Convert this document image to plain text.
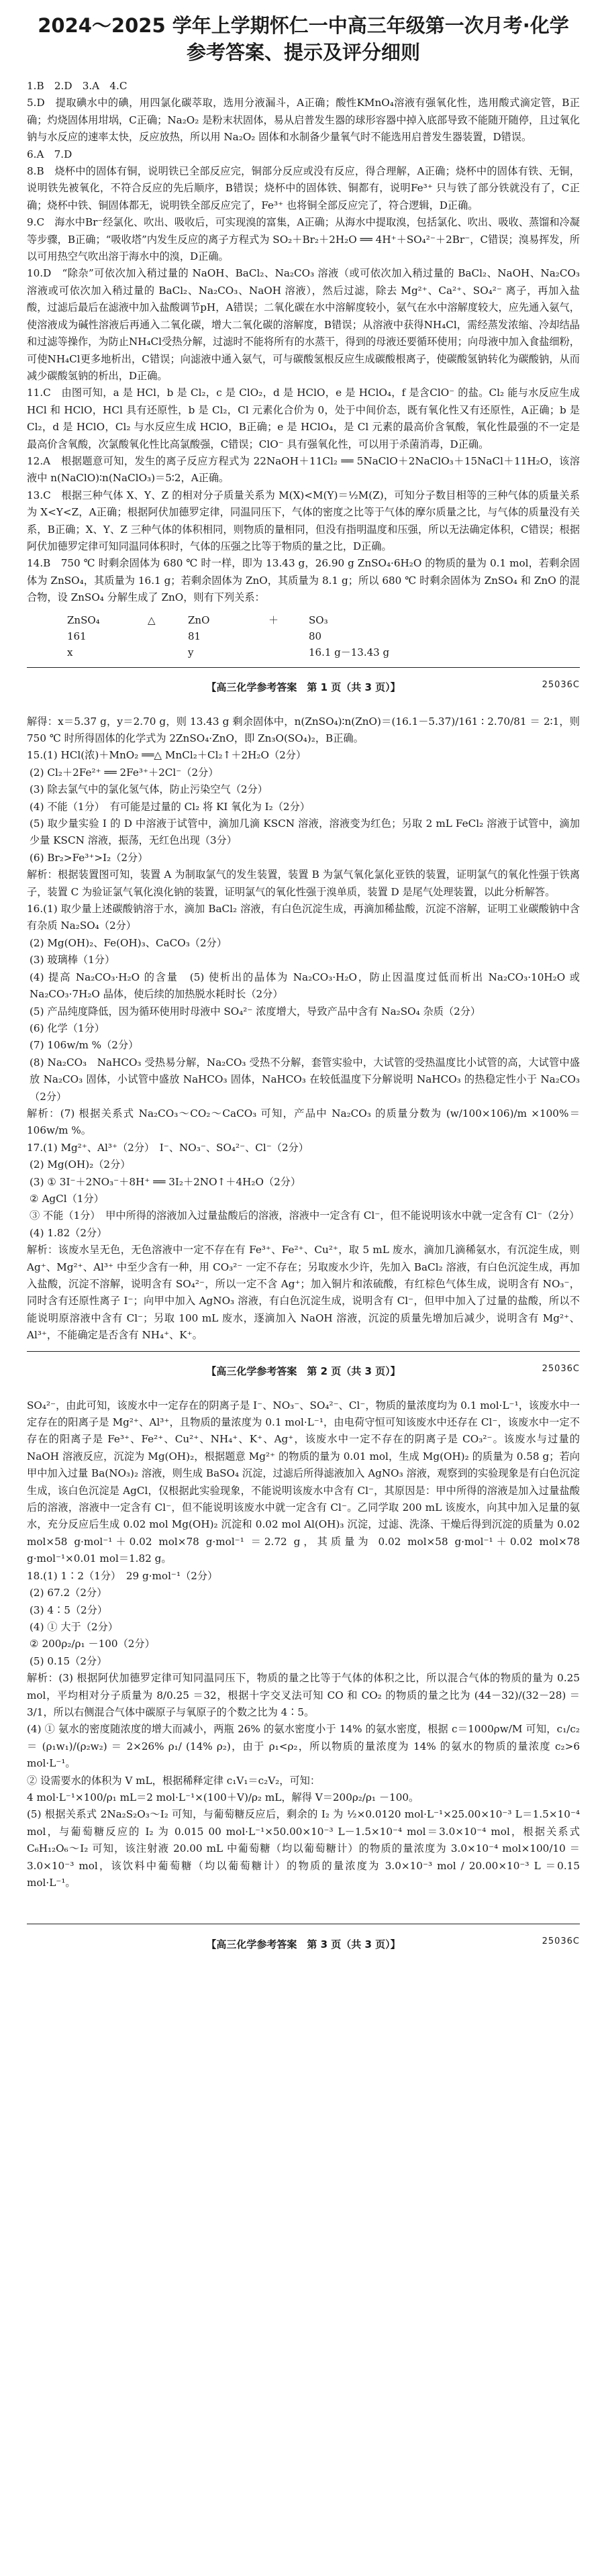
2024～2025 学年上学期怀仁一中高三年级第一次月考·化学
参考答案、提示及评分细则

1.B　2.D　3.A　4.C

5.D　提取碘水中的碘，用四氯化碳萃取，选用分液漏斗，A正确；酸性KMnO₄溶液有强氧化性，选用酸式滴定管，B正确；灼烧固体用坩埚，C正确；Na₂O₂ 是粉末状固体，易从启普发生器的球形容器中掉入底部导致不能随开随停，且过氧化钠与水反应的速率太快，反应放热，所以用 Na₂O₂ 固体和水制备少量氧气时不能选用启普发生器装置，D错误。

6.A　7.D

8.B　烧杯中的固体有铜，说明铁已全部反应完，铜部分反应或没有反应，得合理解，A正确；烧杯中的固体有铁、无铜，说明铁先被氧化，不符合反应的先后顺序，B错误；烧杯中的固体铁、铜都有，说明Fe³⁺ 只与铁了部分铁就没有了，C正确；烧杯中铁、铜固体都无，说明铁全部反应完了，Fe³⁺ 也将铜全部反应完了，符合逻辑，D正确。

9.C　海水中Br⁻经氯化、吹出、吸收后，可实现溴的富集，A正确；从海水中提取溴，包括氯化、吹出、吸收、蒸馏和冷凝等步骤，B正确；“吸收塔”内发生反应的离子方程式为 SO₂＋Br₂＋2H₂O ══ 4H⁺＋SO₄²⁻＋2Br⁻，C错误；溴易挥发，所以可用热空气吹出溶于海水中的溴，D正确。

10.D　“除杂”可依次加入稍过量的 NaOH、BaCl₂、Na₂CO₃ 溶液（或可依次加入稍过量的 BaCl₂、NaOH、Na₂CO₃ 溶液或可依次加入稍过量的 BaCl₂、Na₂CO₃、NaOH 溶液），然后过滤，除去 Mg²⁺、Ca²⁺、SO₄²⁻ 离子，再加入盐酸，过滤后最后在滤液中加入盐酸调节pH，A错误；二氧化碳在水中溶解度较小，氨气在水中溶解度较大，应先通入氨气，使溶液成为碱性溶液后再通入二氧化碳，增大二氧化碳的溶解度，B错误；从溶液中获得NH₄Cl，需经蒸发浓缩、冷却结晶和过滤等操作，为防止NH₄Cl受热分解，过滤时不能将所有的水蒸干，得到的母液还要循环使用；向母液中加入食盐细粉，可使NH₄Cl更多地析出，C错误；向滤液中通入氨气，可与碳酸氢根反应生成碳酸根离子，使碳酸氢钠转化为碳酸钠，从而减少碳酸氢钠的析出，D正确。

11.C　由图可知，a 是 HCl，b 是 Cl₂，c 是 ClO₂，d 是 HClO，e 是 HClO₄，f 是含ClO⁻ 的盐。Cl₂ 能与水反应生成 HCl 和 HClO，HCl 具有还原性，b 是 Cl₂，Cl 元素化合价为 0，处于中间价态，既有氧化性又有还原性，A正确；b 是 Cl₂，d 是 HClO，Cl₂ 与水反应生成 HClO，B正确；e 是 HClO₄，是 Cl 元素的最高价含氧酸，氧化性最强的不一定是最高价含氧酸，次氯酸氧化性比高氯酸强，C错误；ClO⁻ 具有强氧化性，可以用于杀菌消毒，D正确。

12.A　根据题意可知，发生的离子反应方程式为 22NaOH＋11Cl₂ ══ 5NaClO＋2NaClO₃＋15NaCl＋11H₂O，该溶液中 n(NaClO)∶n(NaClO₃)＝5∶2，A正确。

13.C　根据三种气体 X、Y、Z 的相对分子质量关系为 M(X)<M(Y)＝½M(Z)，可知分子数目相等的三种气体的质量关系为 X<Y<Z，A正确；根据阿伏加德罗定律，同温同压下，气体的密度之比等于气体的摩尔质量之比，与气体的质量没有关系，B正确；X、Y、Z 三种气体的体积相同，则物质的量相同，但没有指明温度和压强，所以无法确定体积，C错误；根据阿伏加德罗定律可知同温同体积时，气体的压强之比等于物质的量之比，D正确。

14.B　750 ℃ 时剩余固体为 680 ℃ 时一样，即为 13.43 g，26.90 g ZnSO₄·6H₂O 的物质的量为 0.1 mol，若剩余固体为 ZnSO₄，其质量为 16.1 g；若剩余固体为 ZnO，其质量为 8.1 g；所以 680 ℃ 时剩余固体为 ZnSO₄ 和 ZnO 的混合物，设 ZnSO₄ 分解生成了 ZnO，则有下列关系：

ZnSO₄	△	ZnO	＋	SO₃
161	81	80
x	y	16.1 g－13.43 g
【高三化学参考答案　第 1 页（共 3 页）】	25036C

解得：x＝5.37 g，y＝2.70 g，则 13.43 g 剩余固体中，n(ZnSO₄)∶n(ZnO)＝(16.1－5.37)/161 ∶ 2.70/81 ＝ 2∶1，则750 ℃ 时所得固体的化学式为 2ZnSO₄·ZnO，即 Zn₃O(SO₄)₂，B正确。

15.(1) HCl(浓)＋MnO₂ ══△ MnCl₂＋Cl₂↑＋2H₂O（2分）

(2) Cl₂＋2Fe²⁺ ══ 2Fe³⁺＋2Cl⁻（2分）

(3) 除去氯气中的氯化氢气体，防止污染空气（2分）

(4) 不能（1分）　有可能是过量的 Cl₂ 将 KI 氧化为 I₂（2分）

(5) 取少量实验 Ⅰ 的 D 中溶液于试管中，滴加几滴 KSCN 溶液，溶液变为红色；另取 2 mL FeCl₂ 溶液于试管中，滴加少量 KSCN 溶液，振荡，无红色出现（3分）

(6) Br₂>Fe³⁺>I₂（2分）

解析：根据装置图可知，装置 A 为制取氯气的发生装置，装置 B 为氯气氧化氯化亚铁的装置，证明氯气的氧化性强于铁离子，装置 C 为验证氯气氧化溴化钠的装置，证明氯气的氧化性强于溴单质，装置 D 是尾气处理装置，以此分析解答。

16.(1) 取少量上述碳酸钠溶于水，滴加 BaCl₂ 溶液，有白色沉淀生成，再滴加稀盐酸，沉淀不溶解，证明工业碳酸钠中含有杂质 Na₂SO₄（2分）

(2) Mg(OH)₂、Fe(OH)₃、CaCO₃（2分）

(3) 玻璃棒（1分）

(4) 提高 Na₂CO₃·H₂O 的含量　(5) 使析出的晶体为 Na₂CO₃·H₂O，防止因温度过低而析出 Na₂CO₃·10H₂O 或 Na₂CO₃·7H₂O 晶体，使后续的加热脱水耗时长（2分）

(5) 产品纯度降低，因为循环使用时母液中 SO₄²⁻ 浓度增大，导致产品中含有 Na₂SO₄ 杂质（2分）

(6) 化学（1分）

(7) 106w/m %（2分）

(8) Na₂CO₃　NaHCO₃ 受热易分解，Na₂CO₃ 受热不分解，套管实验中，大试管的受热温度比小试管的高，大试管中盛放 Na₂CO₃ 固体，小试管中盛放 NaHCO₃ 固体，NaHCO₃ 在较低温度下分解说明 NaHCO₃ 的热稳定性小于 Na₂CO₃（2分）

解析：(7) 根据关系式 Na₂CO₃～CO₂～CaCO₃ 可知，产品中 Na₂CO₃ 的质量分数为 (w/100×106)/m ×100%＝106w/m %。

17.(1) Mg²⁺、Al³⁺（2分）　I⁻、NO₃⁻、SO₄²⁻、Cl⁻（2分）

(2) Mg(OH)₂（2分）

(3) ① 3I⁻＋2NO₃⁻＋8H⁺ ══ 3I₂＋2NO↑＋4H₂O（2分）

② AgCl（1分）

③ 不能（1分）　甲中所得的溶液加入过量盐酸后的溶液，溶液中一定含有 Cl⁻，但不能说明该水中就一定含有 Cl⁻（2分）

(4) 1.82（2分）

解析：该废水呈无色，无色溶液中一定不存在有 Fe³⁺、Fe²⁺、Cu²⁺，取 5 mL 废水，滴加几滴稀氨水，有沉淀生成，则 Ag⁺、Mg²⁺、Al³⁺ 中至少含有一种，用 CO₃²⁻ 一定不存在；另取废水少许，先加入 BaCl₂ 溶液，有白色沉淀生成，再加入盐酸，沉淀不溶解，说明含有 SO₄²⁻，所以一定不含 Ag⁺；加入铜片和浓硫酸，有红棕色气体生成，说明含有 NO₃⁻，同时含有还原性离子 I⁻；向甲中加入 AgNO₃ 溶液，有白色沉淀生成，说明含有 Cl⁻，但甲中加入了过量的盐酸，所以不能说明原溶液中含有 Cl⁻；另取 100 mL 废水，逐滴加入 NaOH 溶液，沉淀的质量先增加后减少，说明含有 Mg²⁺、Al³⁺，不能确定是否含有 NH₄⁺、K⁺。

【高三化学参考答案　第 2 页（共 3 页）】	25036C

SO₄²⁻，由此可知，该废水中一定存在的阴离子是 I⁻、NO₃⁻、SO₄²⁻、Cl⁻，物质的量浓度均为 0.1 mol·L⁻¹，该废水中一定存在的阳离子是 Mg²⁺、Al³⁺，且物质的量浓度为 0.1 mol·L⁻¹，由电荷守恒可知该废水中还存在 Cl⁻，该废水中一定不存在的阳离子是 Fe³⁺、Fe²⁺、Cu²⁺、NH₄⁺、K⁺、Ag⁺，该废水中一定不存在的阴离子是 CO₃²⁻。该废水与过量的 NaOH 溶液反应，沉淀为 Mg(OH)₂，根据题意 Mg²⁺ 的物质的量为 0.01 mol，生成 Mg(OH)₂ 的质量为 0.58 g；若向甲中加入过量 Ba(NO₃)₂ 溶液，则生成 BaSO₄ 沉淀，过滤后所得滤液加入 AgNO₃ 溶液，观察到的实验现象是有白色沉淀生成，该白色沉淀是 AgCl，仅根据此实验现象，不能说明该废水中含有 Cl⁻，其原因是：甲中所得的溶液是加入过量盐酸后的溶液，溶液中一定含有 Cl⁻，但不能说明该废水中就一定含有 Cl⁻。乙同学取 200 mL 该废水，向其中加入足量的氨水，充分反应后生成 0.02 mol Mg(OH)₂ 沉淀和 0.02 mol Al(OH)₃ 沉淀，过滤、洗涤、干燥后得到沉淀的质量为 0.02 mol×58 g·mol⁻¹＋0.02 mol×78 g·mol⁻¹ ＝2.72 g，其质量为 0.02 mol×58 g·mol⁻¹＋0.02 mol×78 g·mol⁻¹×0.01 mol＝1.82 g。

18.(1) 1∶2（1分）　29 g·mol⁻¹（2分）

(2) 67.2（2分）

(3) 4∶5（2分）

(4) ① 大于（2分）

② 200ρ₂/ρ₁ －100（2分）

(5) 0.15（2分）

解析：(3) 根据阿伏加德罗定律可知同温同压下，物质的量之比等于气体的体积之比，所以混合气体的物质的量为 0.25 mol，平均相对分子质量为 8/0.25 ＝32，根据十字交叉法可知 CO 和 CO₂ 的物质的量之比为 (44－32)/(32－28) ＝ 3/1，所以右侧混合气体中碳原子与氧原子的个数之比为 4∶5。

(4) ① 氨水的密度随浓度的增大而减小，两瓶 26% 的氨水密度小于 14% 的氨水密度，根据 c＝1000ρw/M 可知，c₁/c₂ ＝ (ρ₁w₁)/(ρ₂w₂) ＝ 2×26% ρ₁/ (14% ρ₂)，由于 ρ₁<ρ₂，所以物质的量浓度为 14% 的氨水的物质的量浓度 c₂>6 mol·L⁻¹。

② 设需要水的体积为 V mL，根据稀释定律 c₁V₁＝c₂V₂，可知：

4 mol·L⁻¹×100/ρ₁ mL＝2 mol·L⁻¹×(100＋V)/ρ₂ mL，解得 V＝200ρ₂/ρ₁ －100。

(5) 根据关系式 2Na₂S₂O₃～I₂ 可知，与葡萄糖反应后，剩余的 I₂ 为 ½×0.0120 mol·L⁻¹×25.00×10⁻³ L＝1.5×10⁻⁴ mol，与葡萄糖反应的 I₂ 为 0.015 00 mol·L⁻¹×50.00×10⁻³ L－1.5×10⁻⁴ mol＝3.0×10⁻⁴ mol，根据关系式 C₆H₁₂O₆～I₂ 可知，该注射液 20.00 mL 中葡萄糖（均以葡萄糖计）的物质的量浓度为 3.0×10⁻⁴ mol×100/10 ＝3.0×10⁻³ mol，该饮料中葡萄糖（均以葡萄糖计）的物质的量浓度为 3.0×10⁻³ mol / 20.00×10⁻³ L ＝0.15 mol·L⁻¹。

【高三化学参考答案　第 3 页（共 3 页）】	25036C
